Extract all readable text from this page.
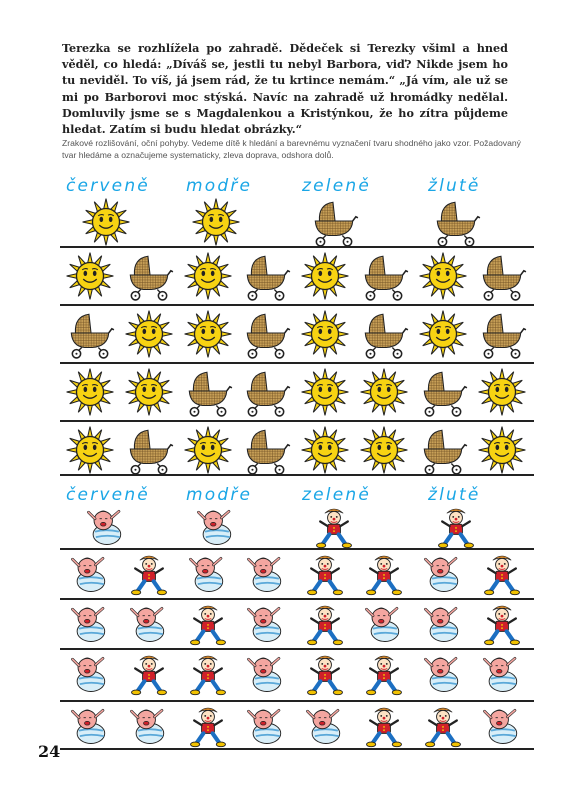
Terezka se rozhlížela po zahradě. Dědeček si Terezky všiml a hned věděl, co hledá: „Díváš se, jestli tu nebyl Barbora, viď? Nikde jsem ho tu neviděl. To víš, já jsem rád, že tu krtince nemám.“ „Já vím, ale už se mi po Barborovi moc stýská. Navíc na zahradě už hromádky nedělal. Domluvily jsme se s Magdalenkou a Kristýnkou, že ho zítra půjdeme hledat. Zatím si budu hledat obrázky.“

Zrakové rozlišování, oční pohyby. Vedeme dítě k hledání a barevnému vyznačení tvaru shodného jako vzor. Požadovaný tvar hledáme a označujeme systematicky, zleva doprava, odshora dolů.

červeně modře	zeleně	žlutě
červeně modře	zeleně	žlutě
24
